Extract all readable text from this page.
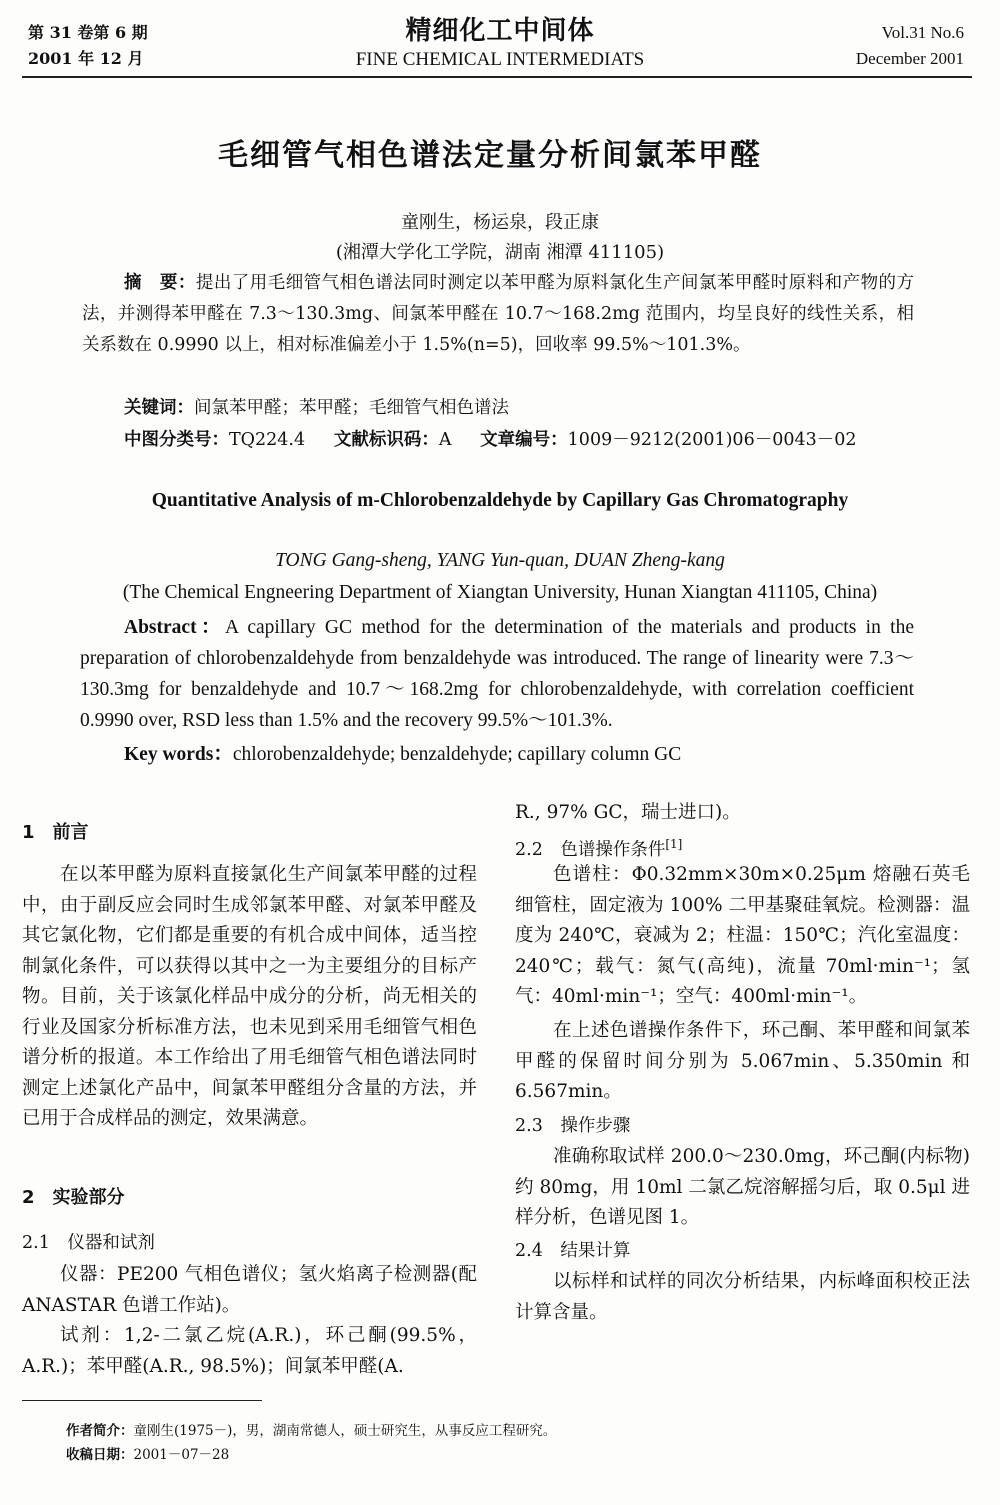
第 31 卷第 6 期
2001 年 12 月
精细化工中间体
FINE CHEMICAL INTERMEDIATS
Vol.31 No.6
December 2001
毛细管气相色谱法定量分析间氯苯甲醛
童刚生，杨运泉，段正康
(湘潭大学化工学院，湖南 湘潭 411105)
摘　要：提出了用毛细管气相色谱法同时测定以苯甲醛为原料氯化生产间氯苯甲醛时原料和产物的方法，并测得苯甲醛在 7.3～130.3mg、间氯苯甲醛在 10.7～168.2mg 范围内，均呈良好的线性关系，相关系数在 0.9990 以上，相对标准偏差小于 1.5%(n=5)，回收率 99.5%～101.3%。
关键词：间氯苯甲醛；苯甲醛；毛细管气相色谱法
中图分类号：TQ224.4 文献标识码：A 文章编号：1009－9212(2001)06－0043－02
Quantitative Analysis of m-Chlorobenzaldehyde by Capillary Gas Chromatography
TONG Gang-sheng, YANG Yun-quan, DUAN Zheng-kang
(The Chemical Engneering Department of Xiangtan University, Hunan Xiangtan 411105, China)
Abstract：A capillary GC method for the determination of the materials and products in the preparation of chlorobenzaldehyde from benzaldehyde was introduced. The range of linearity were 7.3～130.3mg for benzaldehyde and 10.7～168.2mg for chlorobenzaldehyde, with correlation coefficient 0.9990 over, RSD less than 1.5% and the recovery 99.5%～101.3%.
Key words：chlorobenzaldehyde; benzaldehyde; capillary column GC
1　前言
在以苯甲醛为原料直接氯化生产间氯苯甲醛的过程中，由于副反应会同时生成邻氯苯甲醛、对氯苯甲醛及其它氯化物，它们都是重要的有机合成中间体，适当控制氯化条件，可以获得以其中之一为主要组分的目标产物。目前，关于该氯化样品中成分的分析，尚无相关的行业及国家分析标准方法，也未见到采用毛细管气相色谱分析的报道。本工作给出了用毛细管气相色谱法同时测定上述氯化产品中，间氯苯甲醛组分含量的方法，并已用于合成样品的测定，效果满意。
2　实验部分
2.1　仪器和试剂
仪器：PE200 气相色谱仪；氢火焰离子检测器(配 ANASTAR 色谱工作站)。
试剂：1,2-二氯乙烷(A.R.)，环己酮(99.5%，A.R.)；苯甲醛(A.R., 98.5%)；间氯苯甲醛(A.
R., 97% GC，瑞士进口)。
2.2　色谱操作条件[1]
色谱柱：Φ0.32mm×30m×0.25μm 熔融石英毛细管柱，固定液为 100% 二甲基聚硅氧烷。检测器：温度为 240℃，衰减为 2；柱温：150℃；汽化室温度：240℃；载气：氮气(高纯)，流量 70ml·min⁻¹；氢气：40ml·min⁻¹；空气：400ml·min⁻¹。
在上述色谱操作条件下，环己酮、苯甲醛和间氯苯甲醛的保留时间分别为 5.067min、5.350min 和 6.567min。
2.3　操作步骤
准确称取试样 200.0～230.0mg，环己酮(内标物)约 80mg，用 10ml 二氯乙烷溶解摇匀后，取 0.5μl 进样分析，色谱见图 1。
2.4　结果计算
以标样和试样的同次分析结果，内标峰面积校正法计算含量。
作者简介：童刚生(1975－)，男，湖南常德人，硕士研究生，从事反应工程研究。
收稿日期：2001－07－28
